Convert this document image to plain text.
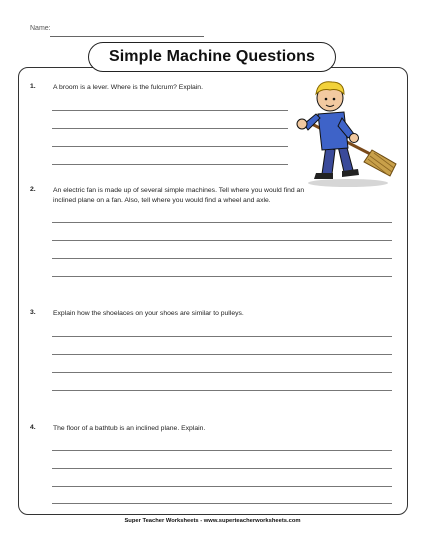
Name:
Simple Machine Questions
1.	A broom is a lever. Where is the fulcrum? Explain.
2.	An electric fan is made up of several simple machines. Tell where you would find an
inclined plane on a fan. Also, tell where you would find a wheel and axle.
3.	Explain how the shoelaces on your shoes are similar to pulleys.
4.	The floor of a bathtub is an inclined plane. Explain.
Super Teacher Worksheets - www.superteacherworksheets.com
